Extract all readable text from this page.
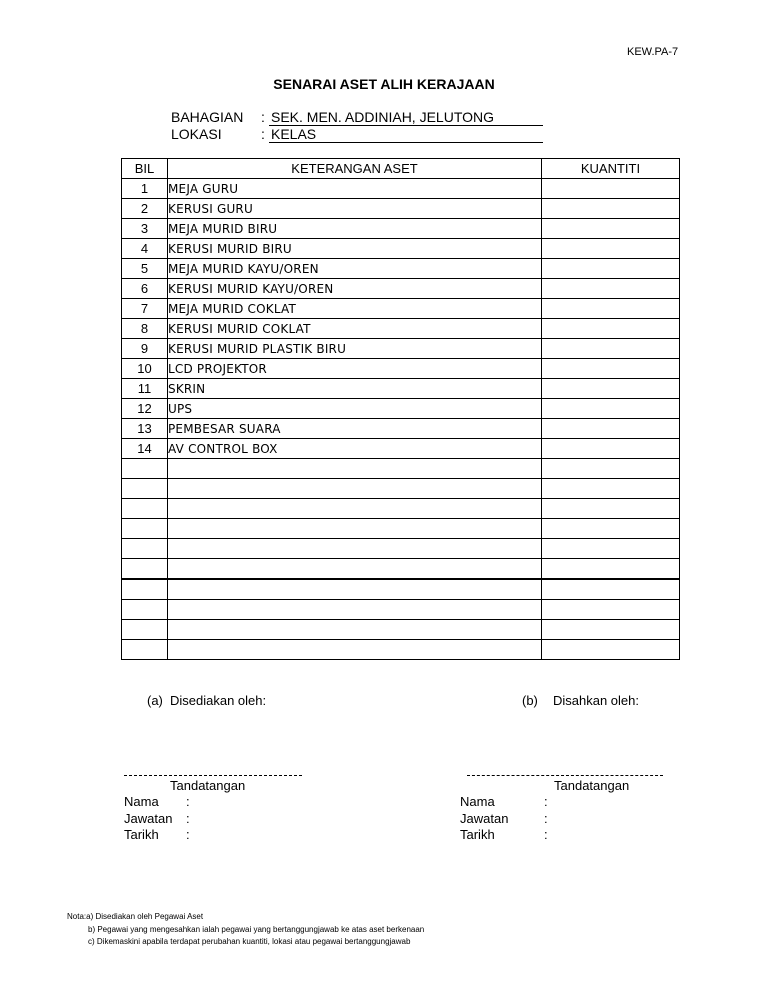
KEW.PA-7
SENARAI ASET ALIH KERAJAAN
BAHAGIAN : SEK. MEN. ADDINIAH, JELUTONG
LOKASI	: KELAS
BIL	KETERANGAN ASET	KUANTITI
1	MEJA GURU	
2	KERUSI GURU	
3	MEJA MURID BIRU	
4	KERUSI MURID BIRU	
5	MEJA MURID KAYU/OREN	
6	KERUSI MURID KAYU/OREN	
7	MEJA MURID COKLAT	
8	KERUSI MURID COKLAT	
9	KERUSI MURID PLASTIK BIRU	
10	LCD PROJEKTOR	
11	SKRIN	
12	UPS	
13	PEMBESAR SUARA	
14	AV CONTROL BOX	

(a) Disediakan oleh:	(b) Disahkan oleh:
Tandatangan	Tandatangan
Nama :
Jawatan :
Tarikh :
Nama	:
Jawatan	:
Tarikh	:
Nota:a) Disediakan oleh Pegawai Aset
b) Pegawai yang mengesahkan ialah pegawai yang bertanggungjawab ke atas aset berkenaan
c) Dikemaskini apabila terdapat perubahan kuantiti, lokasi atau pegawai bertanggungjawab
